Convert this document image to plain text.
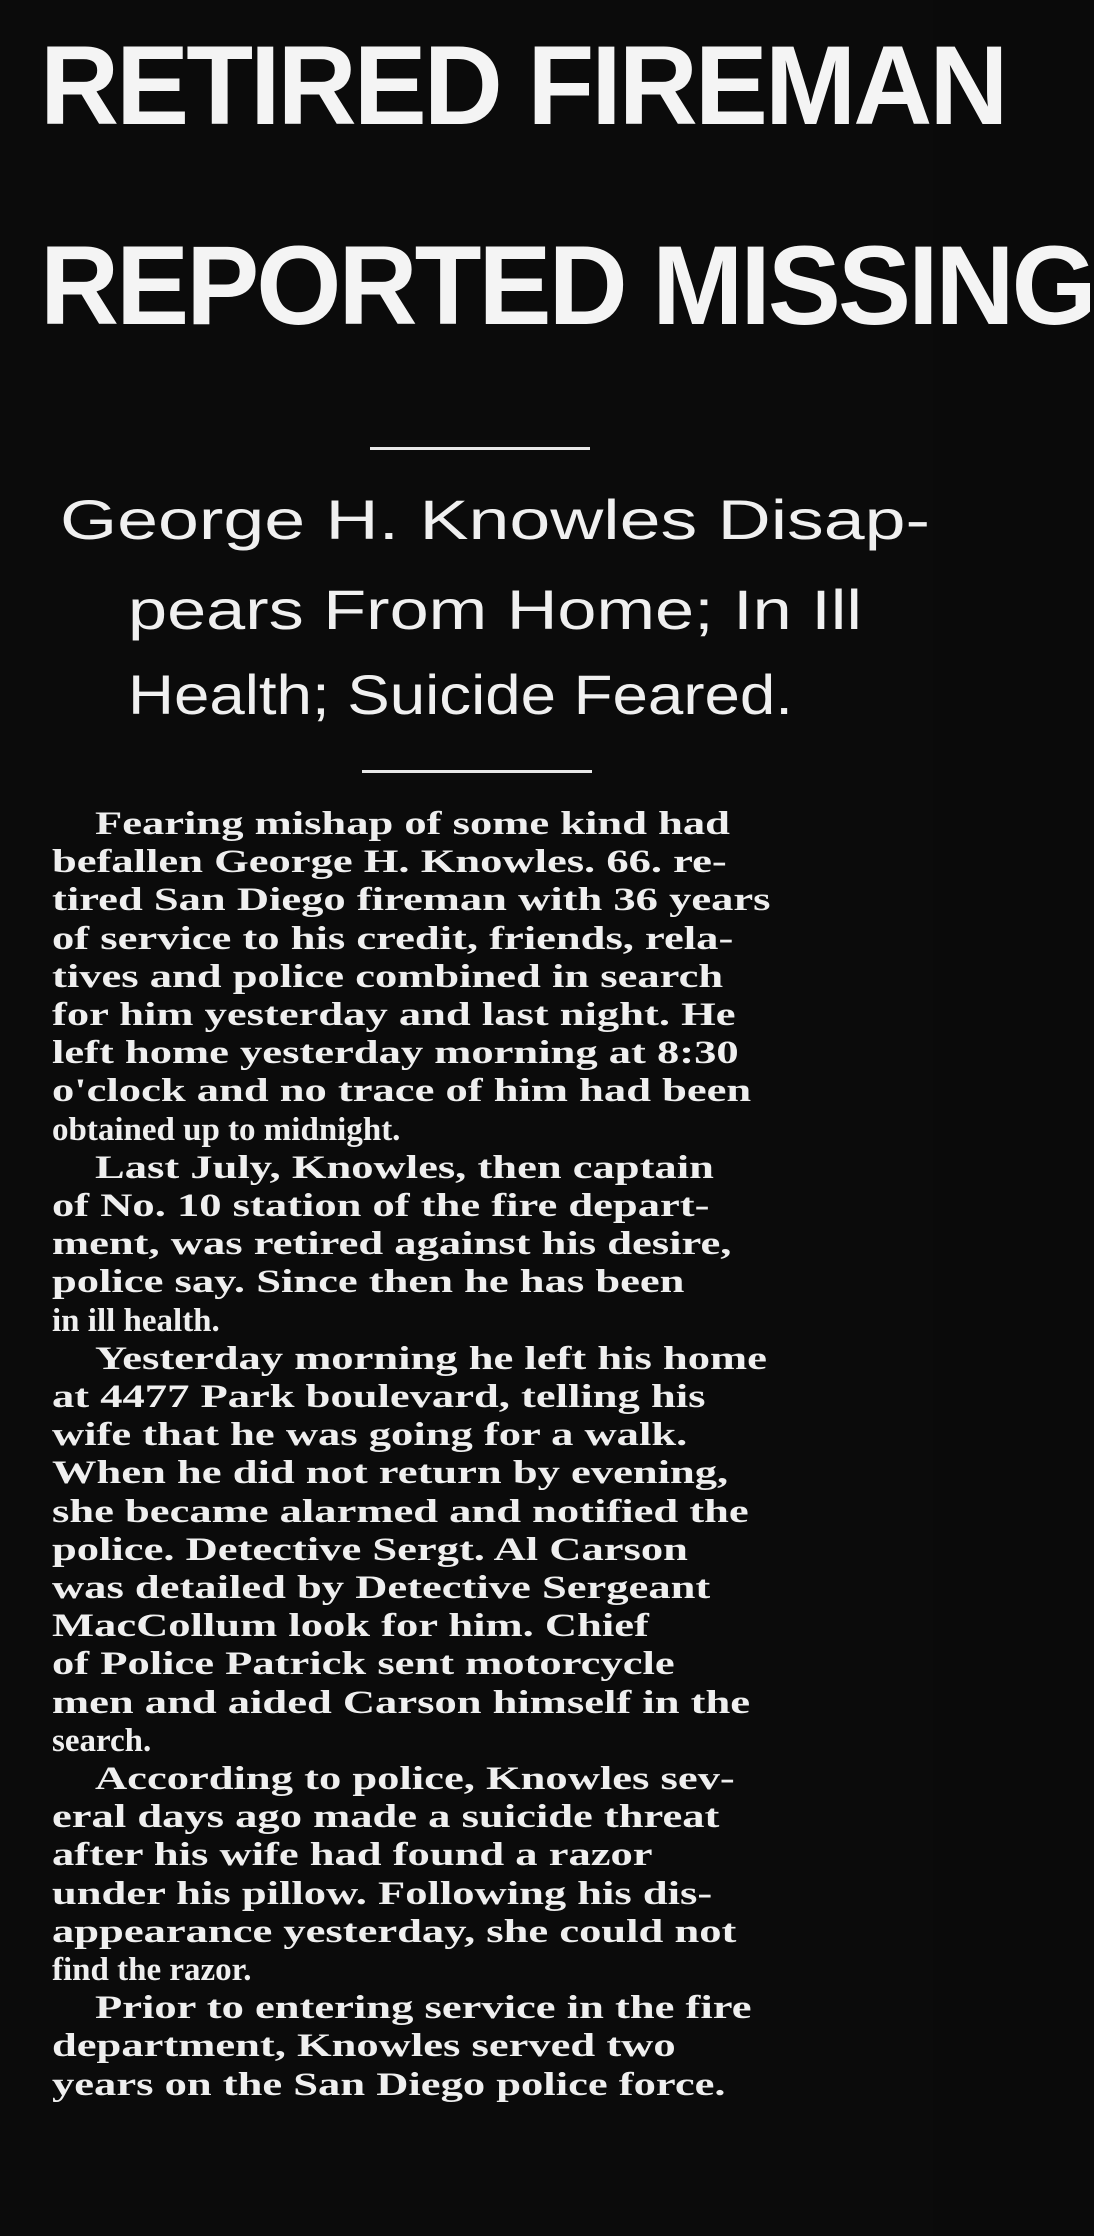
RETIRED FIREMAN
REPORTED MISSING
George H. Knowles Disap-
pears From Home; In Ill
Health; Suicide Feared.
Fearing mishap of some kind had
befallen George H. Knowles. 66. re-
tired San Diego fireman with 36 years
of service to his credit, friends, rela-
tives and police combined in search
for him yesterday and last night. He
left home yesterday morning at 8:30
o'clock and no trace of him had been
obtained up to midnight.
Last July, Knowles, then captain
of No. 10 station of the fire depart-
ment, was retired against his desire,
police say. Since then he has been
in ill health.
Yesterday morning he left his home
at 4477 Park boulevard, telling his
wife that he was going for a walk.
When he did not return by evening,
she became alarmed and notified the
police. Detective Sergt. Al Carson
was detailed by Detective Sergeant
MacCollum look for him. Chief
of Police Patrick sent motorcycle
men and aided Carson himself in the
search.
According to police, Knowles sev-
eral days ago made a suicide threat
after his wife had found a razor
under his pillow. Following his dis-
appearance yesterday, she could not
find the razor.
Prior to entering service in the fire
department, Knowles served two
years on the San Diego police force.
